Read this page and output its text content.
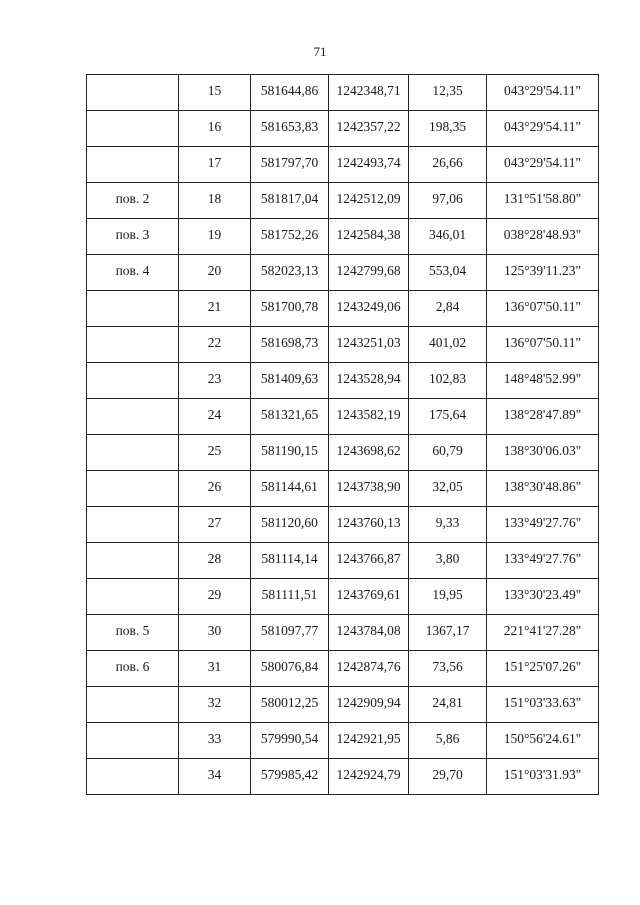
71
	15	581644,86	1242348,71	12,35	043°29'54.11"
	16	581653,83	1242357,22	198,35	043°29'54.11"
	17	581797,70	1242493,74	26,66	043°29'54.11"
пов. 2	18	581817,04	1242512,09	97,06	131°51'58.80"
пов. 3	19	581752,26	1242584,38	346,01	038°28'48.93"
пов. 4	20	582023,13	1242799,68	553,04	125°39'11.23"
	21	581700,78	1243249,06	2,84	136°07'50.11"
	22	581698,73	1243251,03	401,02	136°07'50.11"
	23	581409,63	1243528,94	102,83	148°48'52.99"
	24	581321,65	1243582,19	175,64	138°28'47.89"
	25	581190,15	1243698,62	60,79	138°30'06.03"
	26	581144,61	1243738,90	32,05	138°30'48.86"
	27	581120,60	1243760,13	9,33	133°49'27.76"
	28	581114,14	1243766,87	3,80	133°49'27.76"
	29	581111,51	1243769,61	19,95	133°30'23.49"
пов. 5	30	581097,77	1243784,08	1367,17	221°41'27.28"
пов. 6	31	580076,84	1242874,76	73,56	151°25'07.26"
	32	580012,25	1242909,94	24,81	151°03'33.63"
	33	579990,54	1242921,95	5,86	150°56'24.61"
	34	579985,42	1242924,79	29,70	151°03'31.93"
